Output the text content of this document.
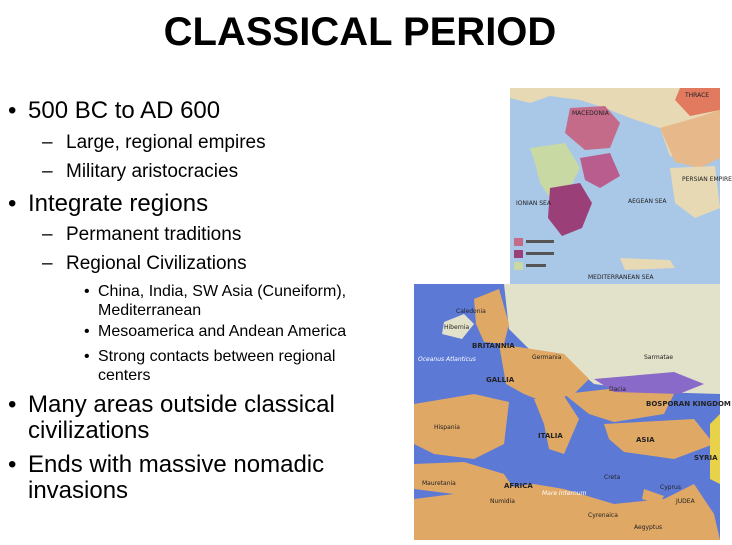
CLASSICAL PERIOD
• 500 BC to AD 600
– Large, regional empires
– Military aristocracies
• Integrate regions
– Permanent traditions
– Regional Civilizations
• China, India, SW Asia (Cuneiform), Mediterranean
• Mesoamerica and Andean America
• Strong contacts between regional centers
• Many areas outside classical civilizations
• Ends with massive nomadic invasions
THRACE
MACEDONIA
PERSIAN EMPIRE
AEGEAN SEA
IONIAN SEA
MEDITERRANEAN SEA
Caledonia
BRITANNIA
Oceanus Atlanticus
Hibernia
Germania
GALLIA
Sarmatae
BOSPORAN KINGDOM
Dacia
ITALIA
Hispania
Mauretania	AFRICA
Mare Internum
ASIA
SYRIA
JUDEA
Aegyptus
Cyrenaica
Cyprus
Creta
Numidia
